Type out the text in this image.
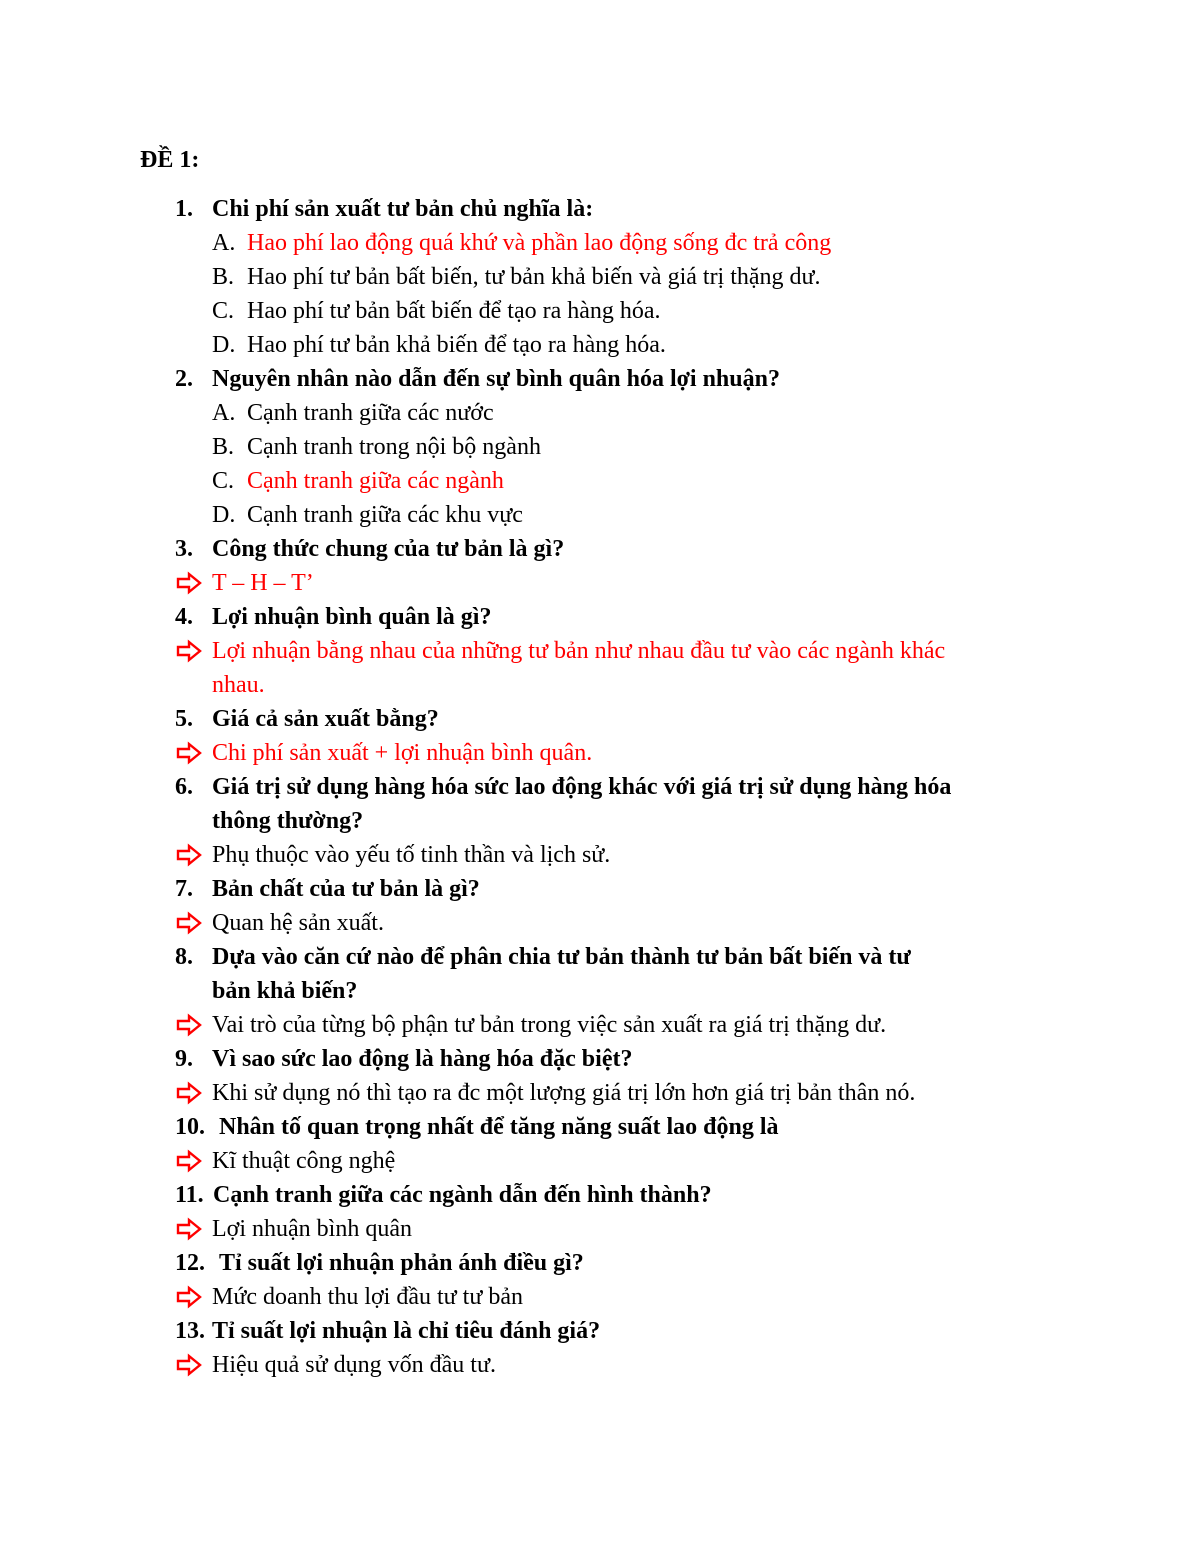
ĐỀ 1:
1. Chi phí sản xuất tư bản chủ nghĩa là:
A. Hao phí lao động quá khứ và phần lao động sống đc trả công
B. Hao phí tư bản bất biến, tư bản khả biến và giá trị thặng dư.
C. Hao phí tư bản bất biến để tạo ra hàng hóa.
D. Hao phí tư bản khả biến để tạo ra hàng hóa.
2. Nguyên nhân nào dẫn đến sự bình quân hóa lợi nhuận?
A. Cạnh tranh giữa các nước
B. Cạnh tranh trong nội bộ ngành
C. Cạnh tranh giữa các ngành
D. Cạnh tranh giữa các khu vực
3. Công thức chung của tư bản là gì?
T – H – T’
4. Lợi nhuận bình quân là gì?
Lợi nhuận bằng nhau của những tư bản như nhau đầu tư vào các ngành khác
nhau.
5. Giá cả sản xuất bằng?
Chi phí sản xuất + lợi nhuận bình quân.
6. Giá trị sử dụng hàng hóa sức lao động khác với giá trị sử dụng hàng hóa
thông thường?
Phụ thuộc vào yếu tố tinh thần và lịch sử.
7. Bản chất của tư bản là gì?
Quan hệ sản xuất.
8. Dựa vào căn cứ nào để phân chia tư bản thành tư bản bất biến và tư
bản khả biến?
Vai trò của từng bộ phận tư bản trong việc sản xuất ra giá trị thặng dư.
9. Vì sao sức lao động là hàng hóa đặc biệt?
Khi sử dụng nó thì tạo ra đc một lượng giá trị lớn hơn giá trị bản thân nó.
10. Nhân tố quan trọng nhất để tăng năng suất lao động là
Kĩ thuật công nghệ
11. Cạnh tranh giữa các ngành dẫn đến hình thành?
Lợi nhuận bình quân
12. Tỉ suất lợi nhuận phản ánh điều gì?
Mức doanh thu lợi đầu tư tư bản
13. Tỉ suất lợi nhuận là chỉ tiêu đánh giá?
Hiệu quả sử dụng vốn đầu tư.
